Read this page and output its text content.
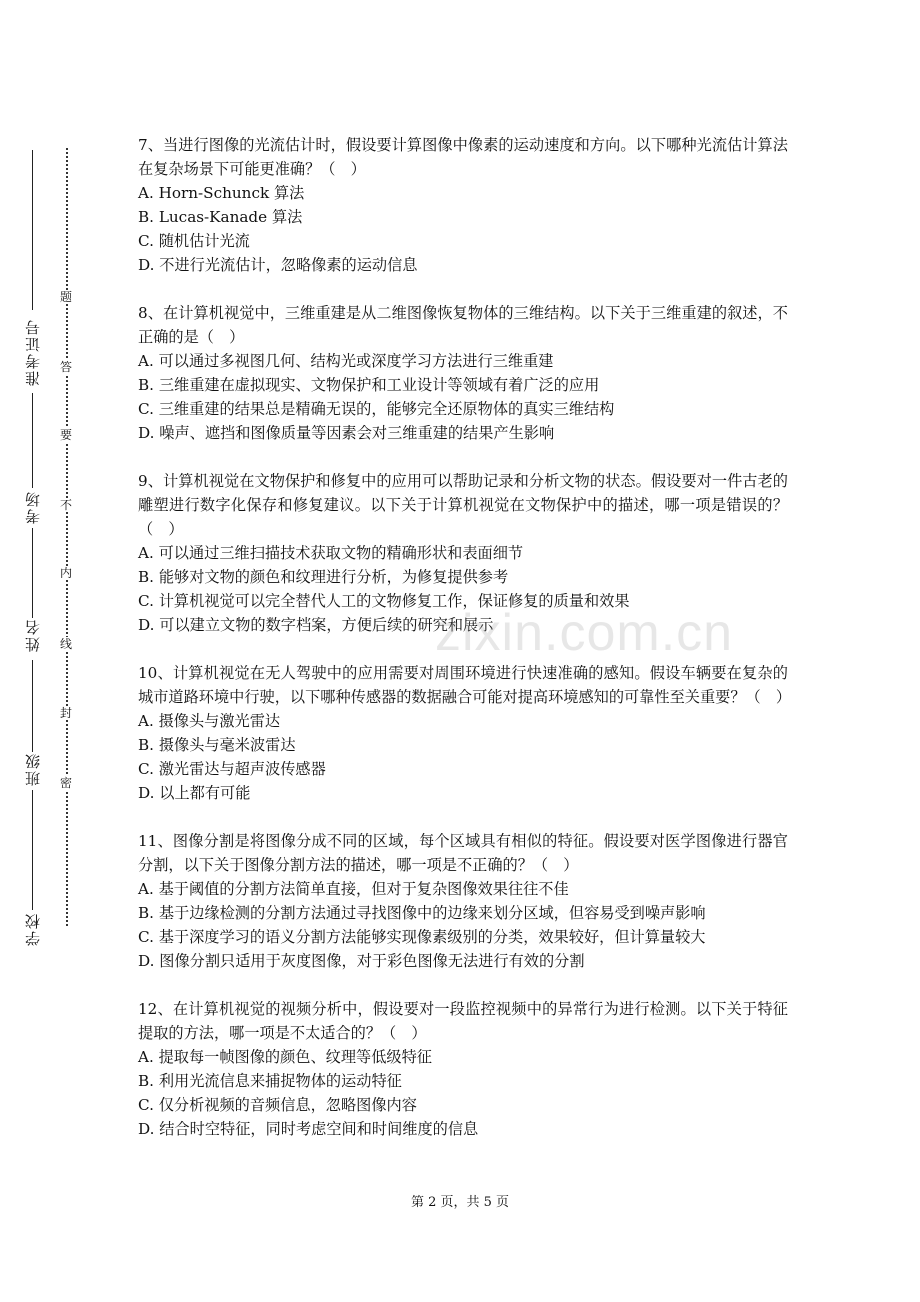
准考证号
考场
姓名
班级
学校
题
答
要
不
内
线
封
密

7、当进行图像的光流估计时，假设要计算图像中像素的运动速度和方向。以下哪种光流估计算法在复杂场景下可能更准确？（　）

A. Horn-Schunck 算法

B. Lucas-Kanade 算法

C. 随机估计光流

D. 不进行光流估计，忽略像素的运动信息

8、在计算机视觉中，三维重建是从二维图像恢复物体的三维结构。以下关于三维重建的叙述，不正确的是（　）

A. 可以通过多视图几何、结构光或深度学习方法进行三维重建

B. 三维重建在虚拟现实、文物保护和工业设计等领域有着广泛的应用

C. 三维重建的结果总是精确无误的，能够完全还原物体的真实三维结构

D. 噪声、遮挡和图像质量等因素会对三维重建的结果产生影响

9、计算机视觉在文物保护和修复中的应用可以帮助记录和分析文物的状态。假设要对一件古老的雕塑进行数字化保存和修复建议。以下关于计算机视觉在文物保护中的描述，哪一项是错误的？（　）

A. 可以通过三维扫描技术获取文物的精确形状和表面细节

B. 能够对文物的颜色和纹理进行分析，为修复提供参考

C. 计算机视觉可以完全替代人工的文物修复工作，保证修复的质量和效果

D. 可以建立文物的数字档案，方便后续的研究和展示

10、计算机视觉在无人驾驶中的应用需要对周围环境进行快速准确的感知。假设车辆要在复杂的城市道路环境中行驶，以下哪种传感器的数据融合可能对提高环境感知的可靠性至关重要？（　）

A. 摄像头与激光雷达

B. 摄像头与毫米波雷达

C. 激光雷达与超声波传感器

D. 以上都有可能

11、图像分割是将图像分成不同的区域，每个区域具有相似的特征。假设要对医学图像进行器官分割，以下关于图像分割方法的描述，哪一项是不正确的？（　）

A. 基于阈值的分割方法简单直接，但对于复杂图像效果往往不佳

B. 基于边缘检测的分割方法通过寻找图像中的边缘来划分区域，但容易受到噪声影响

C. 基于深度学习的语义分割方法能够实现像素级别的分类，效果较好，但计算量较大

D. 图像分割只适用于灰度图像，对于彩色图像无法进行有效的分割

12、在计算机视觉的视频分析中，假设要对一段监控视频中的异常行为进行检测。以下关于特征提取的方法，哪一项是不太适合的？（　）

A. 提取每一帧图像的颜色、纹理等低级特征

B. 利用光流信息来捕捉物体的运动特征

C. 仅分析视频的音频信息，忽略图像内容

D. 结合时空特征，同时考虑空间和时间维度的信息

zixin.com.cn
第 2 页，共 5 页
